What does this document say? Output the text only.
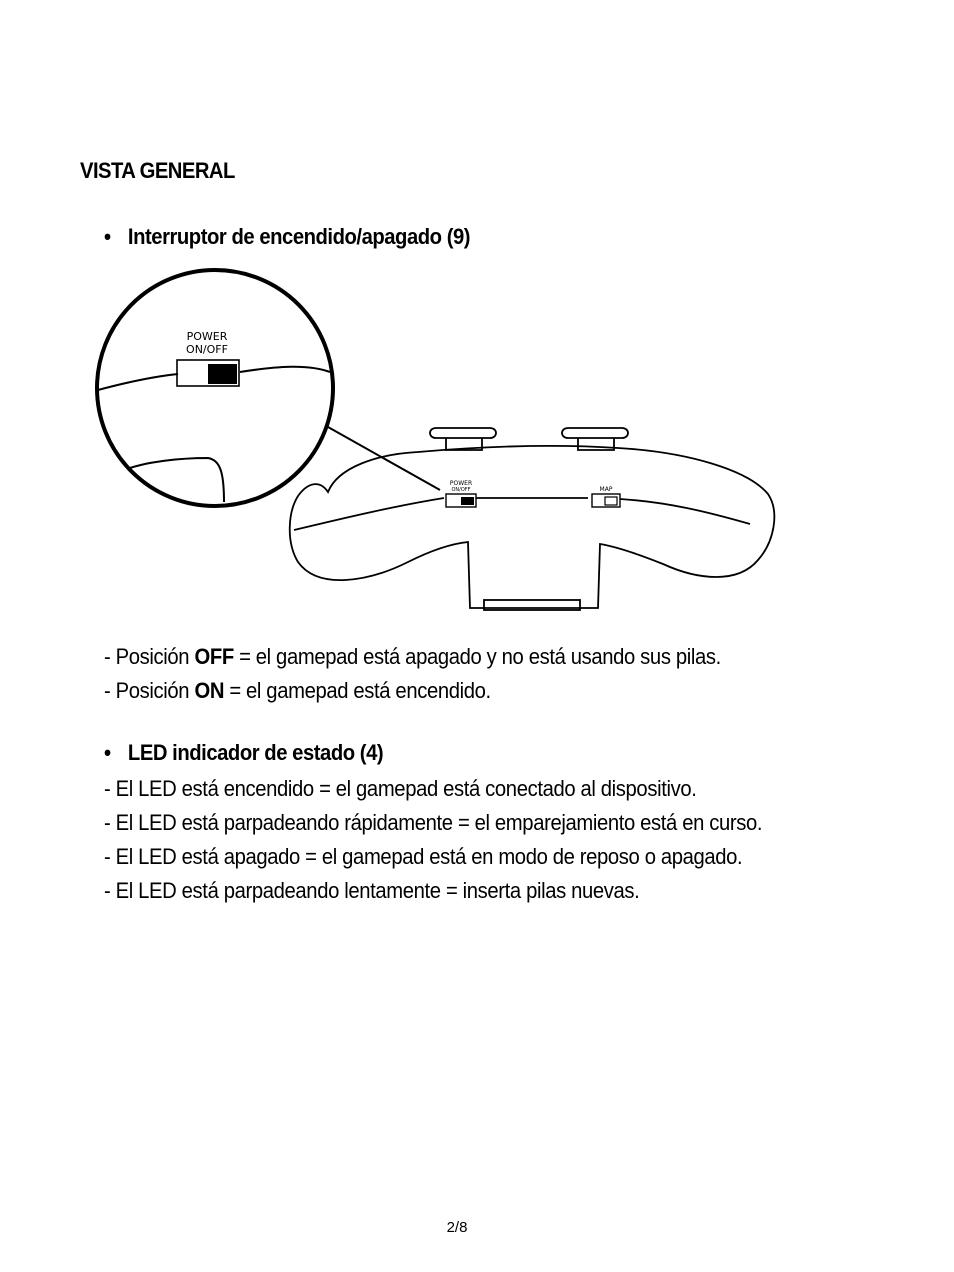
VISTA GENERAL
• Interruptor de encendido/apagado (9)
POWER
ON/OFF
POWER
ON/OFF	MAP
- Posición OFF = el gamepad está apagado y no está usando sus pilas.
- Posición ON = el gamepad está encendido.
• LED indicador de estado (4)
- El LED está encendido = el gamepad está conectado al dispositivo.
- El LED está parpadeando rápidamente = el emparejamiento está en curso.
- El LED está apagado = el gamepad está en modo de reposo o apagado.
- El LED está parpadeando lentamente = inserta pilas nuevas.
2/8
